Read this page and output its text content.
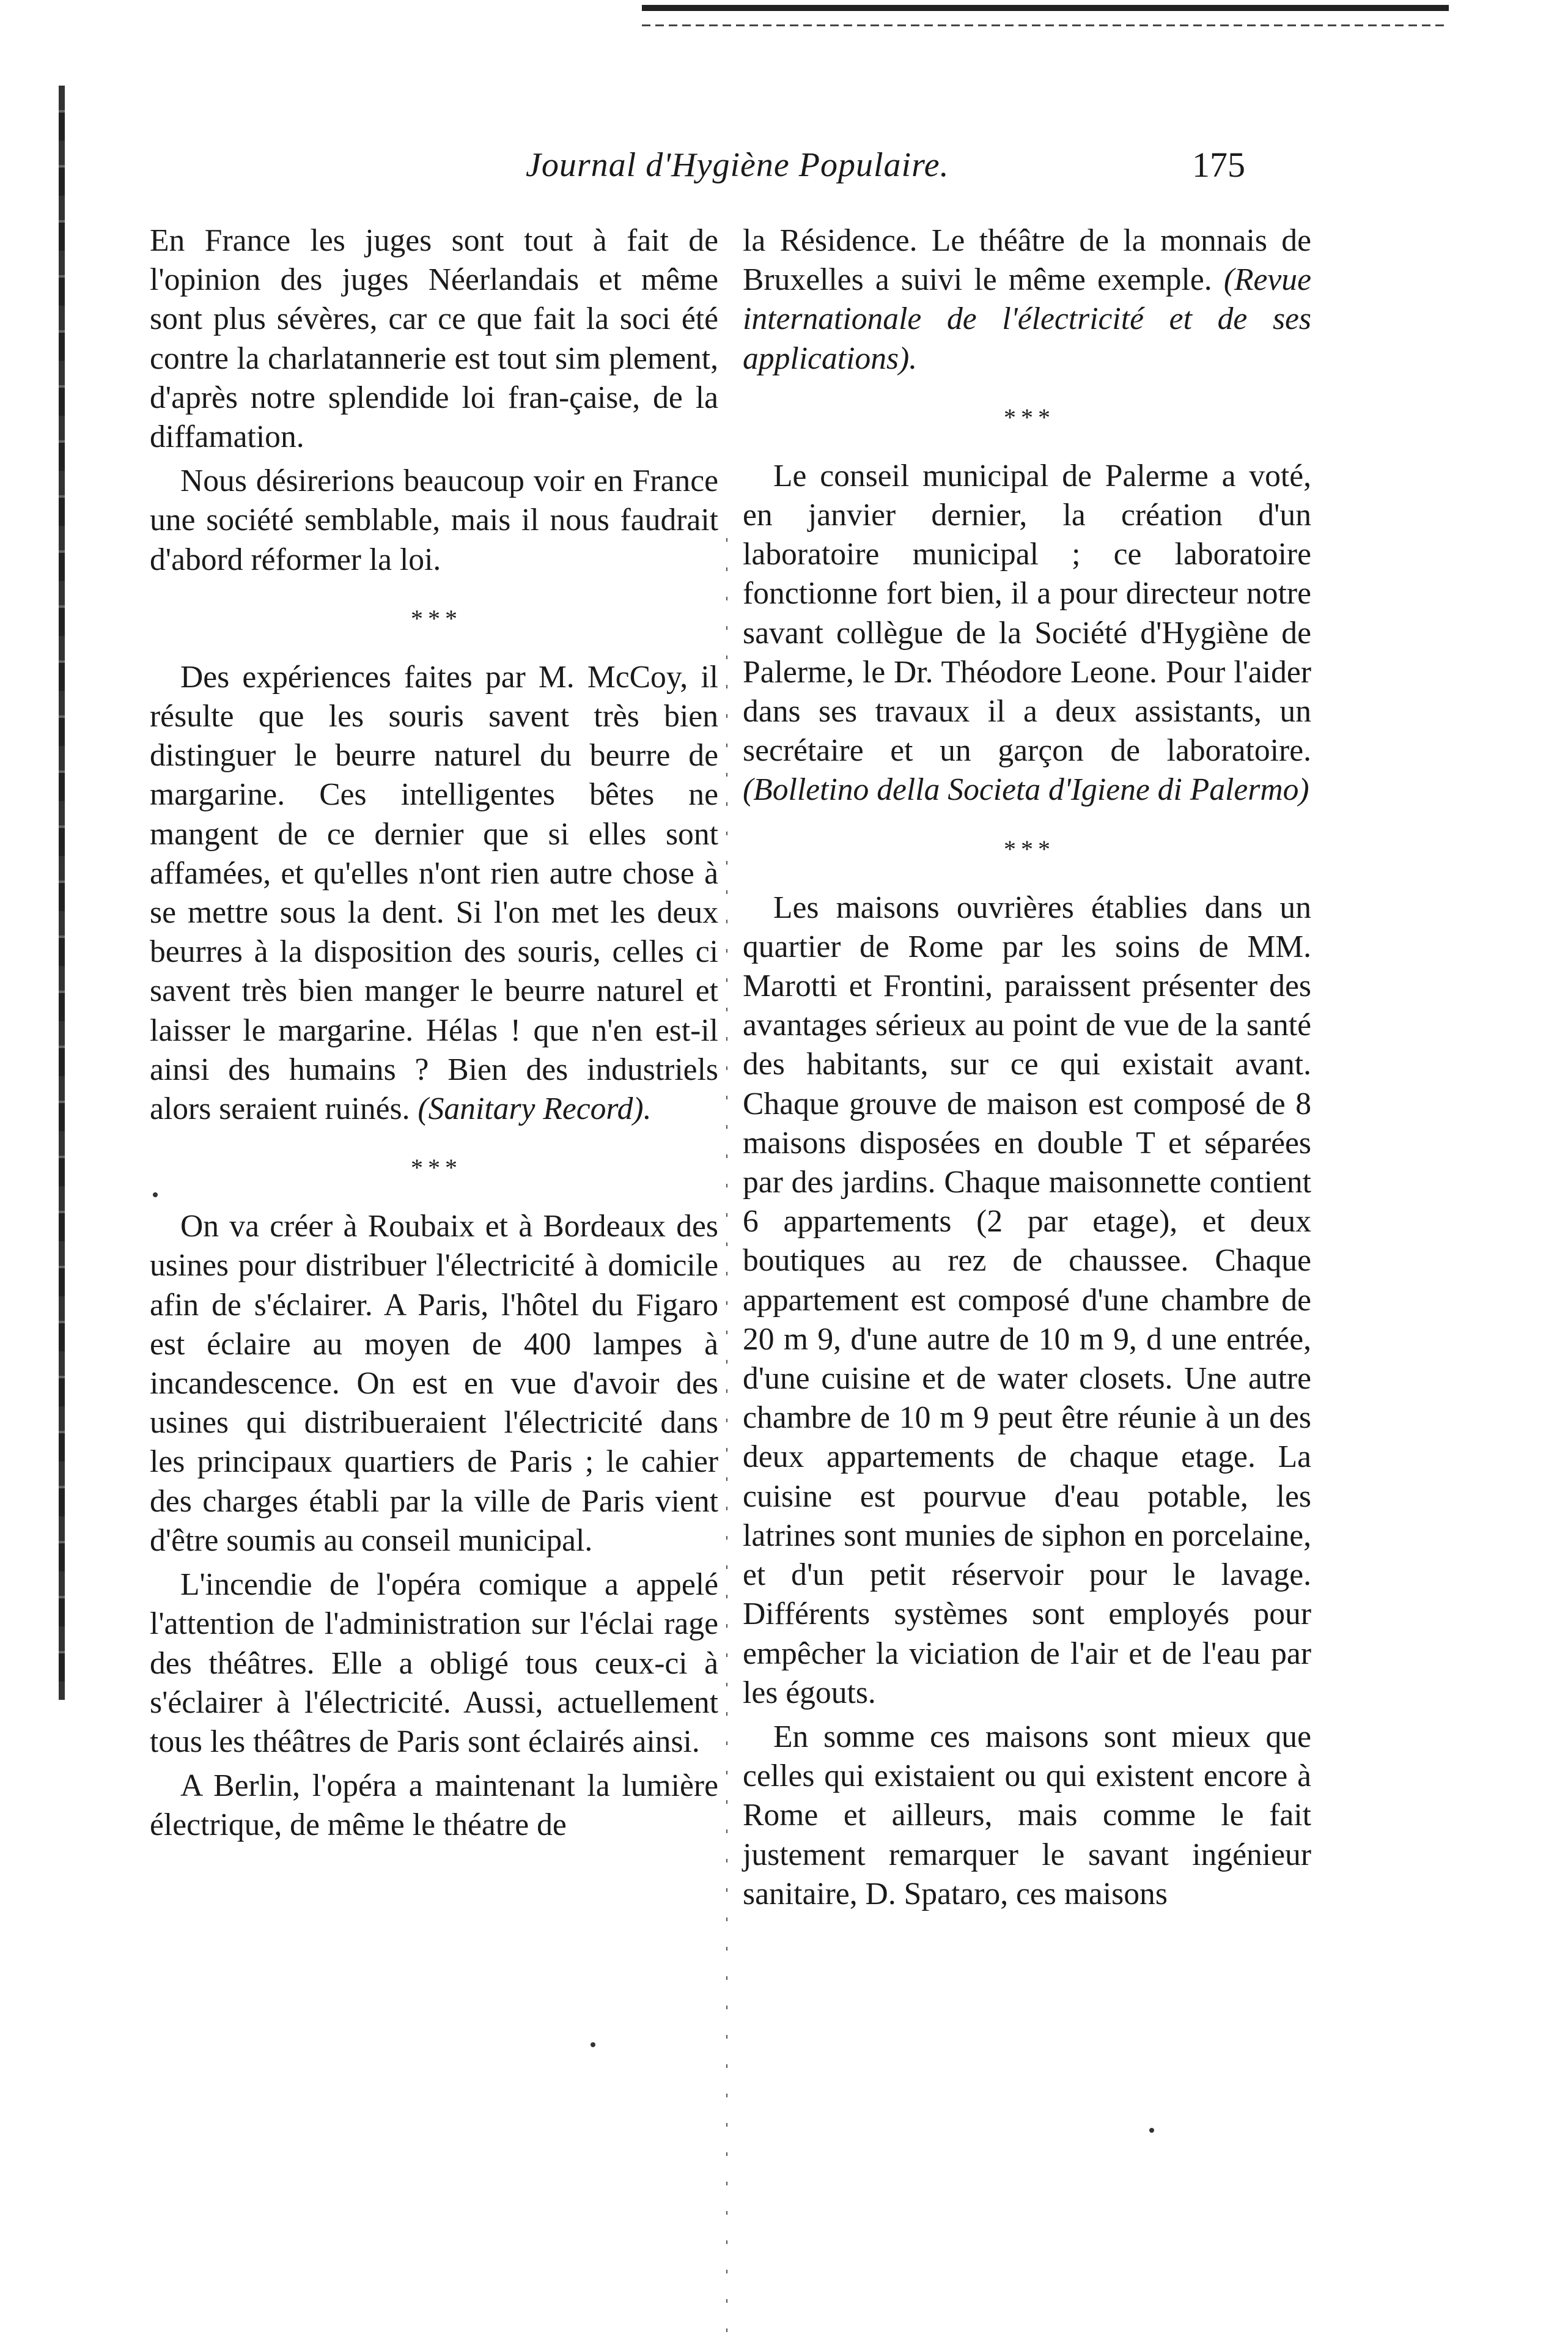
Journal d'Hygiène Populaire.	175

En France les juges sont tout à fait de l'opinion des juges Néerlandais et même sont plus sévères, car ce que fait la soci été contre la charlatannerie est tout sim plement, d'après notre splendide loi fran-çaise, de la diffamation.

Nous désirerions beaucoup voir en France une société semblable, mais il nous faudrait d'abord réformer la loi.

* * *

Des expériences faites par M. McCoy, il résulte que les souris savent très bien distinguer le beurre naturel du beurre de margarine. Ces intelligentes bêtes ne mangent de ce dernier que si elles sont affamées, et qu'elles n'ont rien autre chose à se mettre sous la dent. Si l'on met les deux beurres à la disposition des souris, celles ci savent très bien manger le beurre naturel et laisser le margarine. Hélas ! que n'en est-il ainsi des humains ? Bien des industriels alors seraient ruinés. (Sanitary Record).

* * *

On va créer à Roubaix et à Bordeaux des usines pour distribuer l'électricité à domicile afin de s'éclairer. A Paris, l'hôtel du Figaro est éclaire au moyen de 400 lampes à incandescence. On est en vue d'avoir des usines qui distribueraient l'électricité dans les principaux quartiers de Paris ; le cahier des charges établi par la ville de Paris vient d'être soumis au conseil municipal.

L'incendie de l'opéra comique a appelé l'attention de l'administration sur l'éclai rage des théâtres. Elle a obligé tous ceux-ci à s'éclairer à l'électricité. Aussi, actuellement tous les théâtres de Paris sont éclairés ainsi.

A Berlin, l'opéra a maintenant la lumière électrique, de même le théatre de

la Résidence. Le théâtre de la monnais de Bruxelles a suivi le même exemple. (Revue internationale de l'électricité et de ses applications).

* * *

Le conseil municipal de Palerme a voté, en janvier dernier, la création d'un laboratoire municipal ; ce laboratoire fonctionne fort bien, il a pour directeur notre savant collègue de la Société d'Hygiène de Palerme, le Dr. Théodore Leone. Pour l'aider dans ses travaux il a deux assistants, un secrétaire et un garçon de laboratoire. (Bolletino della Societa d'Igiene di Palermo)

* * *

Les maisons ouvrières établies dans un quartier de Rome par les soins de MM. Marotti et Frontini, paraissent présenter des avantages sérieux au point de vue de la santé des habitants, sur ce qui existait avant. Chaque grouve de maison est composé de 8 maisons disposées en double T et séparées par des jardins. Chaque maisonnette contient 6 appartements (2 par etage), et deux boutiques au rez de chaussee. Chaque appartement est composé d'une chambre de 20 m 9, d'une autre de 10 m 9, d une entrée, d'une cuisine et de water closets. Une autre chambre de 10 m 9 peut être réunie à un des deux appartements de chaque etage. La cuisine est pourvue d'eau potable, les latrines sont munies de siphon en porcelaine, et d'un petit réservoir pour le lavage. Différents systèmes sont employés pour empêcher la viciation de l'air et de l'eau par les égouts.

En somme ces maisons sont mieux que celles qui existaient ou qui existent encore à Rome et ailleurs, mais comme le fait justement remarquer le savant ingénieur sanitaire, D. Spataro, ces maisons
